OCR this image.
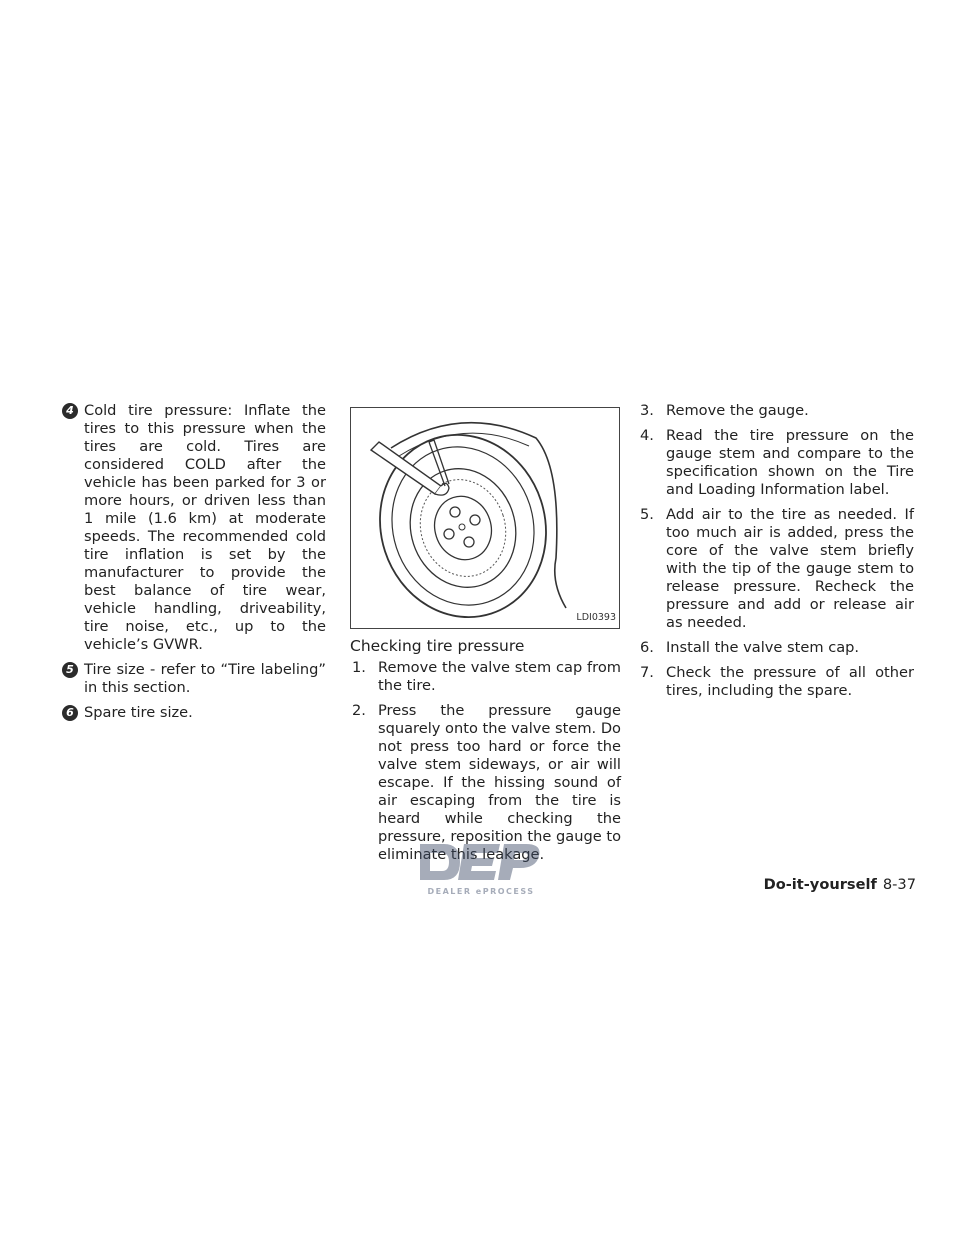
4 Cold tire pressure: Inflate the tires to this pressure when the tires are cold. Tires are considered COLD after the vehicle has been parked for 3 or more hours, or driven less than 1 mile (1.6 km) at moderate speeds. The recommended cold tire inflation is set by the manufacturer to provide the best balance of tire wear, vehicle handling, driveability, tire noise, etc., up to the vehicle’s GVWR.
5 Tire size - refer to “Tire labeling” in this section.
6 Spare tire size.
LDI0393
Checking tire pressure
1. Remove the valve stem cap from the tire.
2. Press the pressure gauge squarely onto the valve stem. Do not press too hard or force the valve stem sideways, or air will escape. If the hissing sound of air escaping from the tire is heard while checking the pressure, reposition the gauge to eliminate this leakage.
3. Remove the gauge.
4. Read the tire pressure on the gauge stem and compare to the specification shown on the Tire and Loading Information label.
5. Add air to the tire as needed. If too much air is added, press the core of the valve stem briefly with the tip of the gauge stem to release pressure. Recheck the pressure and add or release air as needed.
6. Install the valve stem cap.
7. Check the pressure of all other tires, including the spare.
DEALER ePROCESS	Do-it-yourself 8-37
